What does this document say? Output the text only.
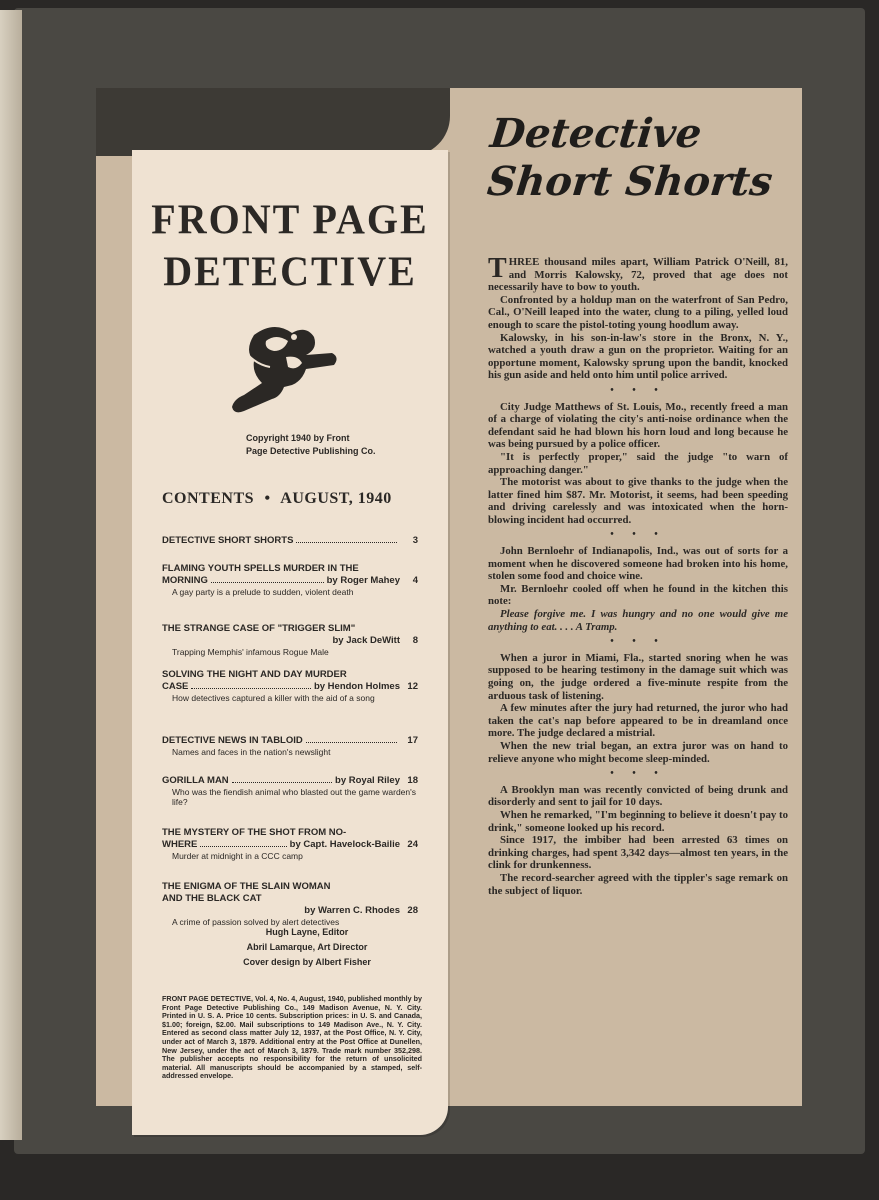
FRONT PAGE
DETECTIVE
Copyright 1940 by Front
Page Detective Publishing Co.
CONTENTS • AUGUST, 1940
DETECTIVE SHORT SHORTS	3
FLAMING YOUTH SPELLS MURDER IN THE
MORNING	by Roger Mahey	4
A gay party is a prelude to sudden, violent death
THE STRANGE CASE OF "TRIGGER SLIM"
by Jack DeWitt	8
Trapping Memphis' infamous Rogue Male
SOLVING THE NIGHT AND DAY MURDER
CASE	by Hendon Holmes 12
How detectives captured a killer with the aid of a song
DETECTIVE NEWS IN TABLOID	17
Names and faces in the nation's newslight
GORILLA MAN	by Royal Riley 18
Who was the fiendish animal who blasted out the game warden's life?
THE MYSTERY OF THE SHOT FROM NO-
WHERE	by Capt. Havelock-Bailie 24
Murder at midnight in a CCC camp
THE ENIGMA OF THE SLAIN WOMAN
AND THE BLACK CAT
by Warren C. Rhodes 28
A crime of passion solved by alert detectives
Hugh Layne, Editor
Abril Lamarque, Art Director
Cover design by Albert Fisher
FRONT PAGE DETECTIVE, Vol. 4, No. 4, August, 1940, published monthly by Front Page Detective Publishing Co., 149 Madison Avenue, N. Y. City. Printed in U. S. A. Price 10 cents. Subscription prices: in U. S. and Canada, $1.00; foreign, $2.00. Mail subscriptions to 149 Madison Ave., N. Y. City. Entered as second class matter July 12, 1937, at the Post Office, N. Y. City, under act of March 3, 1879. Additional entry at the Post Office at Dunellen, New Jersey, under the act of March 3, 1879. Trade mark number 352,298. The publisher accepts no responsibility for the return of unsolicited material. All manuscripts should be accompanied by a stamped, self-addressed envelope.
Detective
Short Shorts

THREE thousand miles apart, William Patrick O'Neill, 81, and Morris Kalowsky, 72, proved that age does not necessarily have to bow to youth.

Confronted by a holdup man on the waterfront of San Pedro, Cal., O'Neill leaped into the water, clung to a piling, yelled loud enough to scare the pistol-toting young hoodlum away.

Kalowsky, in his son-in-law's store in the Bronx, N. Y., watched a youth draw a gun on the proprietor. Waiting for an opportune moment, Kalowsky sprung upon the bandit, knocked his gun aside and held onto him until police arrived.

• • •

City Judge Matthews of St. Louis, Mo., recently freed a man of a charge of violating the city's anti-noise ordinance when the defendant said he had blown his horn loud and long because he was being pursued by a police officer.

"It is perfectly proper," said the judge "to warn of approaching danger."

The motorist was about to give thanks to the judge when the latter fined him $87. Mr. Motorist, it seems, had been speeding and driving carelessly and was intoxicated when the horn-blowing incident had occurred.

• • •

John Bernloehr of Indianapolis, Ind., was out of sorts for a moment when he discovered someone had broken into his home, stolen some food and choice wine.

Mr. Bernloehr cooled off when he found in the kitchen this note:

Please forgive me. I was hungry and no one would give me anything to eat. . . . A Tramp.

• • •

When a juror in Miami, Fla., started snoring when he was supposed to be hearing testimony in the damage suit which was going on, the judge ordered a five-minute respite from the arduous task of listening.

A few minutes after the jury had returned, the juror who had taken the cat's nap before appeared to be in dreamland once more. The judge declared a mistrial.

When the new trial began, an extra juror was on hand to relieve anyone who might become sleep-minded.

• • •

A Brooklyn man was recently convicted of being drunk and disorderly and sent to jail for 10 days.

When he remarked, "I'm beginning to believe it doesn't pay to drink," someone looked up his record.

Since 1917, the imbiber had been arrested 63 times on drinking charges, had spent 3,342 days—almost ten years, in the clink for drunkenness.

The record-searcher agreed with the tippler's sage remark on the subject of liquor.
